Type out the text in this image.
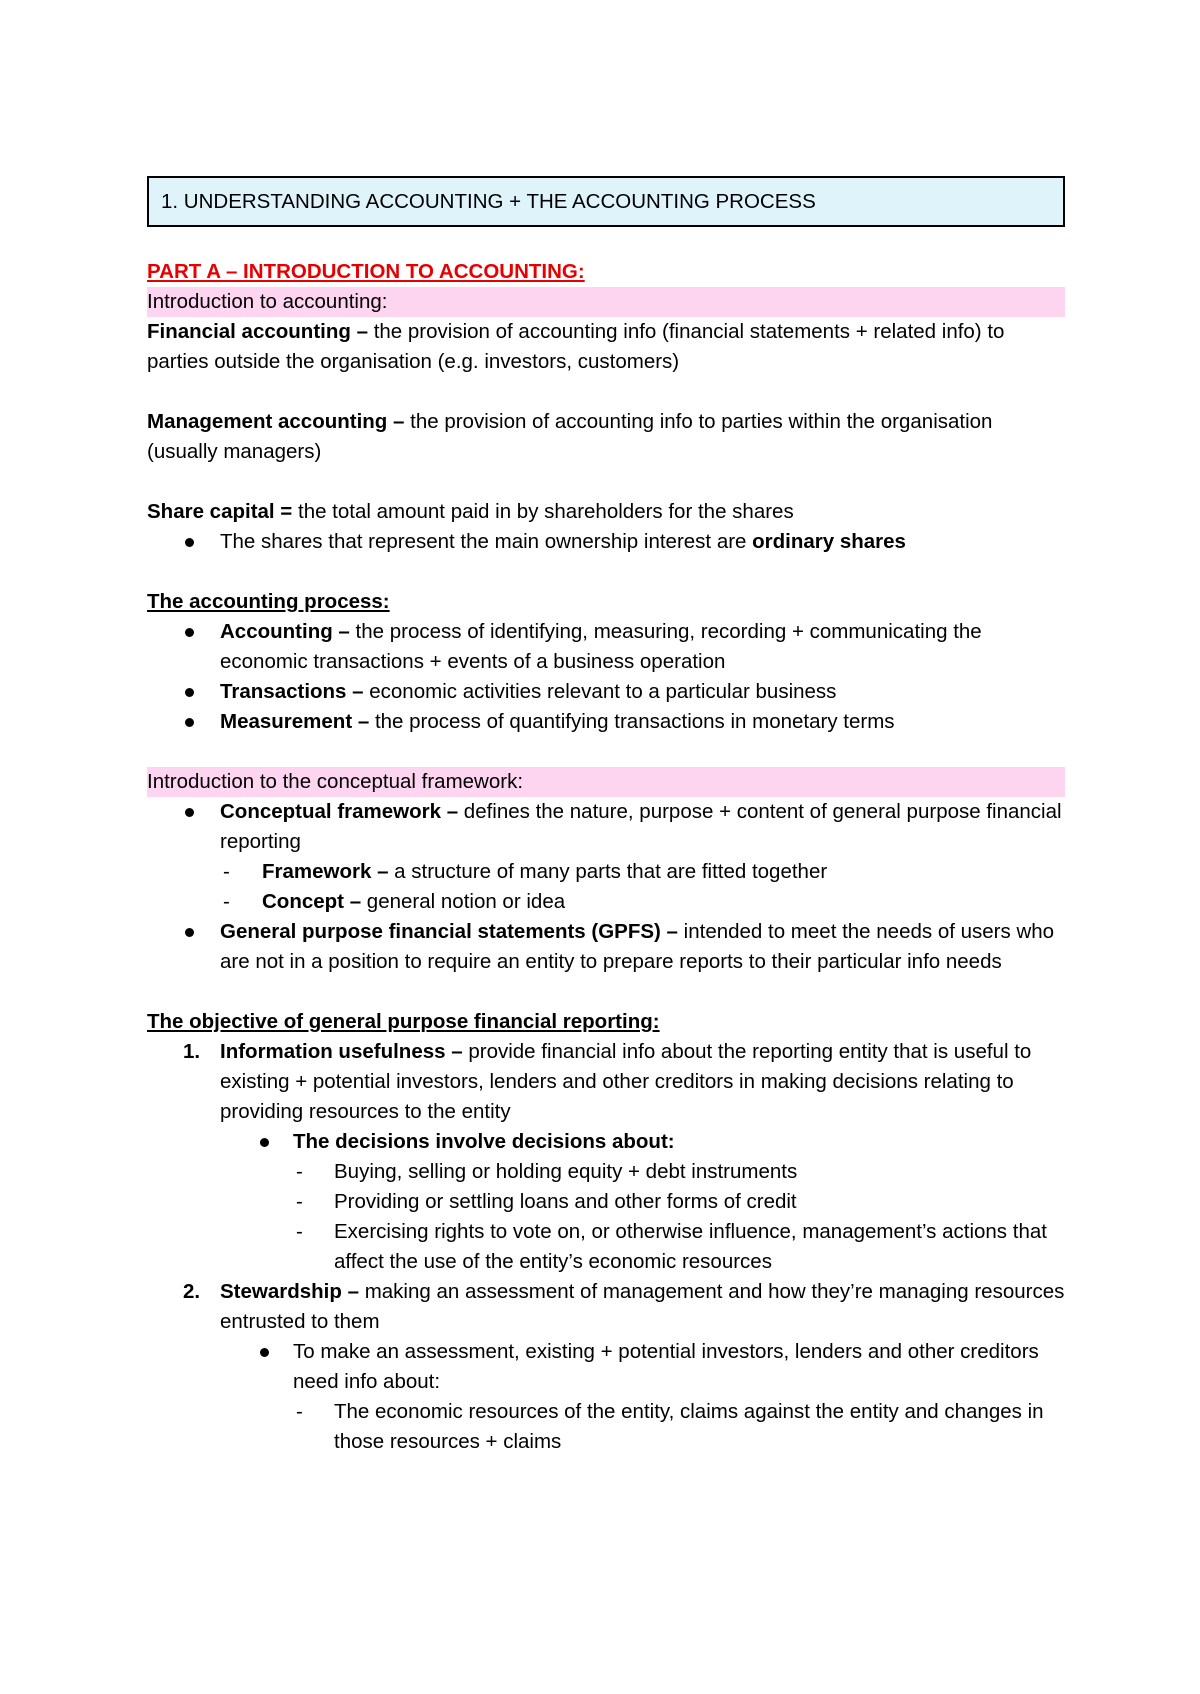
1. UNDERSTANDING ACCOUNTING + THE ACCOUNTING PROCESS
PART A – INTRODUCTION TO ACCOUNTING:
Introduction to accounting:
Financial accounting – the provision of accounting info (financial statements + related info) to parties outside the organisation (e.g. investors, customers)
Management accounting – the provision of accounting info to parties within the organisation (usually managers)
Share capital = the total amount paid in by shareholders for the shares
The shares that represent the main ownership interest are ordinary shares
The accounting process:
Accounting – the process of identifying, measuring, recording + communicating the economic transactions + events of a business operation
Transactions – economic activities relevant to a particular business
Measurement – the process of quantifying transactions in monetary terms
Introduction to the conceptual framework:
Conceptual framework – defines the nature, purpose + content of general purpose financial reporting
- Framework – a structure of many parts that are fitted together
- Concept – general notion or idea
General purpose financial statements (GPFS) – intended to meet the needs of users who are not in a position to require an entity to prepare reports to their particular info needs
The objective of general purpose financial reporting:
1. Information usefulness – provide financial info about the reporting entity that is useful to existing + potential investors, lenders and other creditors in making decisions relating to providing resources to the entity
The decisions involve decisions about:
- Buying, selling or holding equity + debt instruments
- Providing or settling loans and other forms of credit
- Exercising rights to vote on, or otherwise influence, management’s actions that affect the use of the entity’s economic resources
2. Stewardship – making an assessment of management and how they’re managing resources entrusted to them
To make an assessment, existing + potential investors, lenders and other creditors need info about:
- The economic resources of the entity, claims against the entity and changes in those resources + claims
